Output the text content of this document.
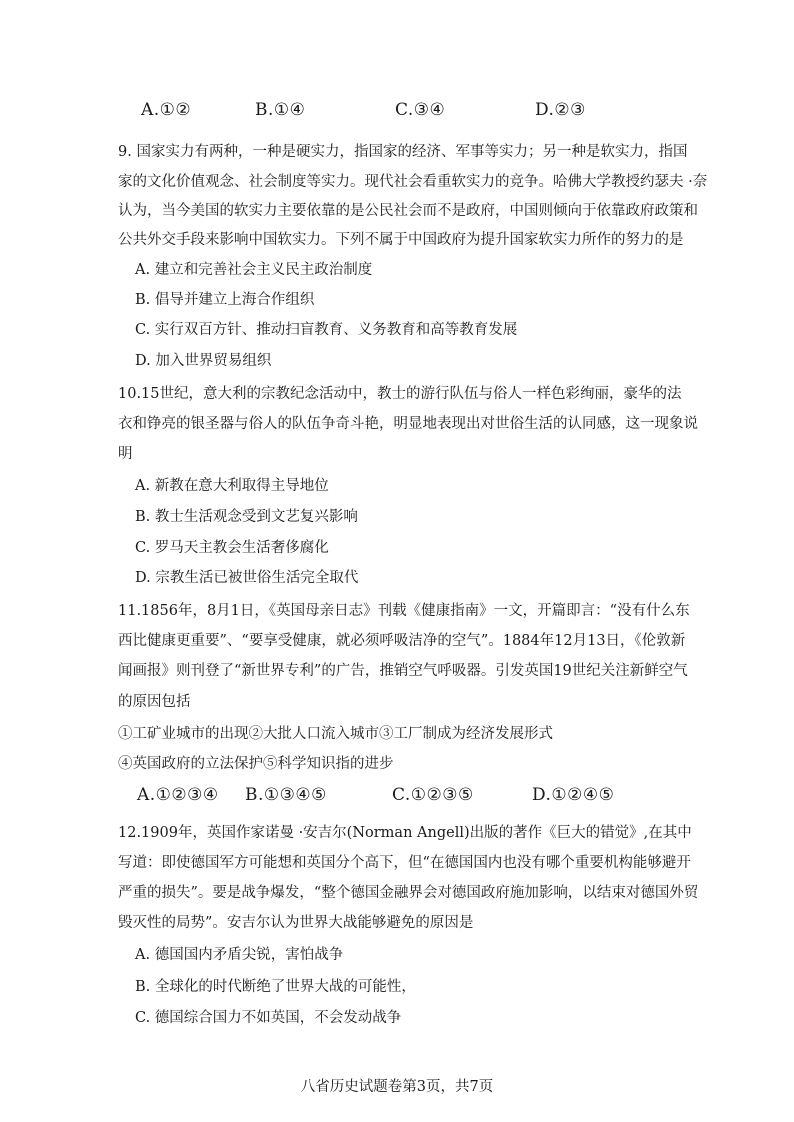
A.①②	B.①④	C.③④	D.②③
9. 国家实力有两种，一种是硬实力，指国家的经济、军事等实力；另一种是软实力，指国
家的文化价值观念、社会制度等实力。现代社会看重软实力的竞争。哈佛大学教授约瑟夫 ·奈
认为，当今美国的软实力主要依靠的是公民社会而不是政府，中国则倾向于依靠政府政策和
公共外交手段来影响中国软实力。下列不属于中国政府为提升国家软实力所作的努力的是
A. 建立和完善社会主义民主政治制度
B. 倡导并建立上海合作组织
C. 实行双百方针、推动扫盲教育、义务教育和高等教育发展
D. 加入世界贸易组织
10.15世纪，意大利的宗教纪念活动中，教士的游行队伍与俗人一样色彩绚丽，豪华的法
衣和铮亮的银圣器与俗人的队伍争奇斗艳，明显地表现出对世俗生活的认同感，这一现象说
明
A. 新教在意大利取得主导地位
B. 教士生活观念受到文艺复兴影响
C. 罗马天主教会生活奢侈腐化
D. 宗教生活已被世俗生活完全取代
11.1856年，8月1日，《英国母亲日志》刊载《健康指南》一文，开篇即言：“没有什么东
西比健康更重要”、“要享受健康，就必须呼吸洁净的空气”。1884年12月13日，《伦敦新
闻画报》则刊登了“新世界专利”的广告，推销空气呼吸器。引发英国19世纪关注新鲜空气
的原因包括
①工矿业城市的出现②大批人口流入城市③工厂制成为经济发展形式
④英国政府的立法保护⑤科学知识指的进步
A.①②③④ B.①③④⑤	C.①②③⑤	D.①②④⑤
12.1909年，英国作家诺曼 ·安吉尔(Norman Angell)出版的著作《巨大的错觉》,在其中
写道：即使德国军方可能想和英国分个高下，但“在德国国内也没有哪个重要机构能够避开
严重的损失”。要是战争爆发，“整个德国金融界会对德国政府施加影响，以结束对德国外贸
毁灭性的局势”。安吉尔认为世界大战能够避免的原因是
A. 德国国内矛盾尖锐，害怕战争
B. 全球化的时代断绝了世界大战的可能性，
C. 德国综合国力不如英国，不会发动战争
八省历史试题卷第3页，共7页
